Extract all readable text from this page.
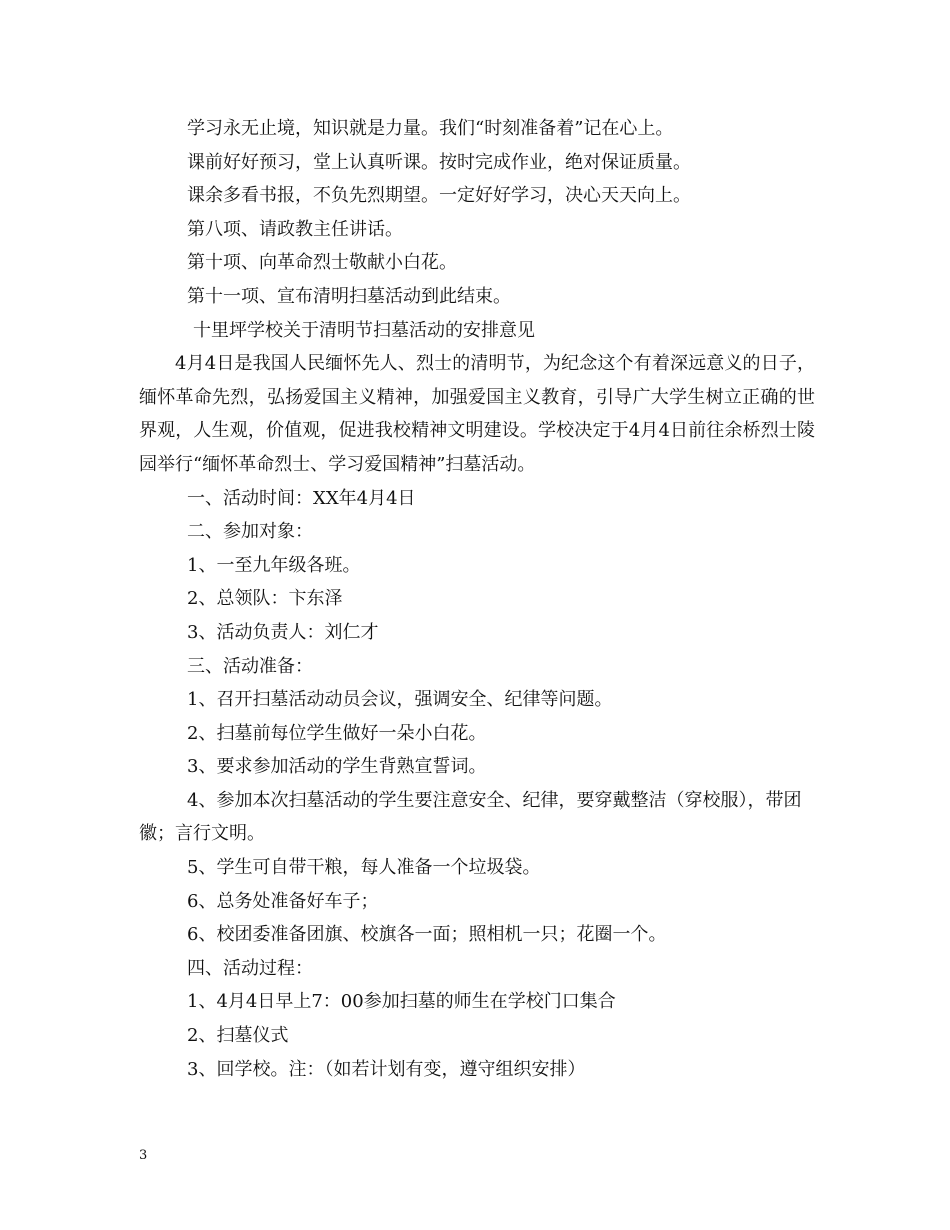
学习永无止境，知识就是力量。我们“时刻准备着”记在心上。
课前好好预习，堂上认真听课。按时完成作业，绝对保证质量。
课余多看书报，不负先烈期望。一定好好学习，决心天天向上。
第八项、请政教主任讲话。
第十项、向革命烈士敬献小白花。
第十一项、宣布清明扫墓活动到此结束。
十里坪学校关于清明节扫墓活动的安排意见

4月4日是我国人民缅怀先人、烈士的清明节，为纪念这个有着深远意义的日子，缅怀革命先烈，弘扬爱国主义精神，加强爱国主义教育，引导广大学生树立正确的世界观，人生观，价值观，促进我校精神文明建设。学校决定于4月4日前往余桥烈士陵园举行“缅怀革命烈士、学习爱国精神”扫墓活动。

一、活动时间：XX年4月4日
二、参加对象：
1、一至九年级各班。
2、总领队：卞东泽
3、活动负责人：刘仁才
三、活动准备：
1、召开扫墓活动动员会议，强调安全、纪律等问题。
2、扫墓前每位学生做好一朵小白花。
3、要求参加活动的学生背熟宣誓词。

4、参加本次扫墓活动的学生要注意安全、纪律，要穿戴整洁（穿校服），带团徽；言行文明。

5、学生可自带干粮，每人准备一个垃圾袋。
6、总务处准备好车子；
6、校团委准备团旗、校旗各一面；照相机一只；花圈一个。
四、活动过程：
1、4月4日早上7：00参加扫墓的师生在学校门口集合
2、扫墓仪式
3、回学校。注：（如若计划有变，遵守组织安排）
3
